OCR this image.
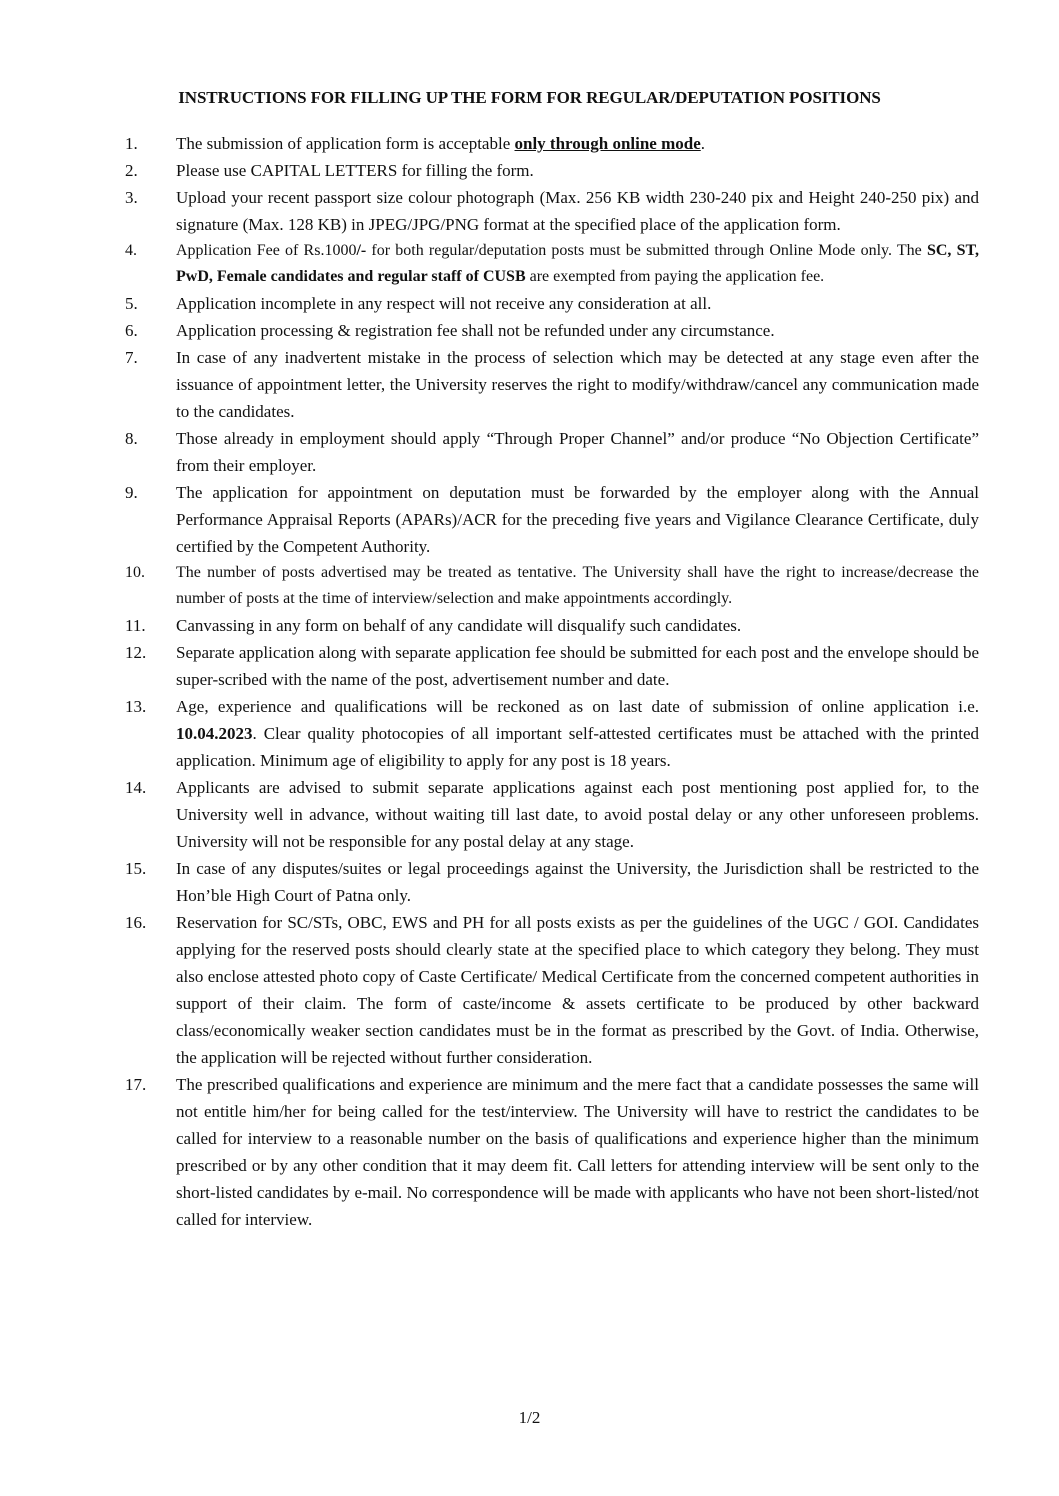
INSTRUCTIONS FOR FILLING UP THE FORM FOR REGULAR/DEPUTATION POSITIONS
1.	The submission of application form is acceptable only through online mode.
2.	Please use CAPITAL LETTERS for filling the form.
3.	Upload your recent passport size colour photograph (Max. 256 KB width 230-240 pix and Height 240-250 pix) and signature (Max. 128 KB) in JPEG/JPG/PNG format at the specified place of the application form.
4.	Application Fee of Rs.1000/- for both regular/deputation posts must be submitted through Online Mode only. The SC, ST, PwD, Female candidates and regular staff of CUSB are exempted from paying the application fee.
5.	Application incomplete in any respect will not receive any consideration at all.
6.	Application processing & registration fee shall not be refunded under any circumstance.
7.	In case of any inadvertent mistake in the process of selection which may be detected at any stage even after the issuance of appointment letter, the University reserves the right to modify/withdraw/cancel any communication made to the candidates.
8.	Those already in employment should apply “Through Proper Channel” and/or produce “No Objection Certificate” from their employer.
9.	The application for appointment on deputation must be forwarded by the employer along with the Annual Performance Appraisal Reports (APARs)/ACR for the preceding five years and Vigilance Clearance Certificate, duly certified by the Competent Authority.
10.	The number of posts advertised may be treated as tentative. The University shall have the right to increase/decrease the number of posts at the time of interview/selection and make appointments accordingly.
11.	Canvassing in any form on behalf of any candidate will disqualify such candidates.
12.	Separate application along with separate application fee should be submitted for each post and the envelope should be super-scribed with the name of the post, advertisement number and date.
13.	Age, experience and qualifications will be reckoned as on last date of submission of online application i.e. 10.04.2023. Clear quality photocopies of all important self-attested certificates must be attached with the printed application. Minimum age of eligibility to apply for any post is 18 years.
14.	Applicants are advised to submit separate applications against each post mentioning post applied for, to the University well in advance, without waiting till last date, to avoid postal delay or any other unforeseen problems. University will not be responsible for any postal delay at any stage.
15.	In case of any disputes/suites or legal proceedings against the University, the Jurisdiction shall be restricted to the Hon’ble High Court of Patna only.
16.	Reservation for SC/STs, OBC, EWS and PH for all posts exists as per the guidelines of the UGC / GOI. Candidates applying for the reserved posts should clearly state at the specified place to which category they belong. They must also enclose attested photo copy of Caste Certificate/ Medical Certificate from the concerned competent authorities in support of their claim. The form of caste/income & assets certificate to be produced by other backward class/economically weaker section candidates must be in the format as prescribed by the Govt. of India. Otherwise, the application will be rejected without further consideration.
17.	The prescribed qualifications and experience are minimum and the mere fact that a candidate possesses the same will not entitle him/her for being called for the test/interview. The University will have to restrict the candidates to be called for interview to a reasonable number on the basis of qualifications and experience higher than the minimum prescribed or by any other condition that it may deem fit. Call letters for attending interview will be sent only to the short-listed candidates by e-mail. No correspondence will be made with applicants who have not been short-listed/not called for interview.
1/2
